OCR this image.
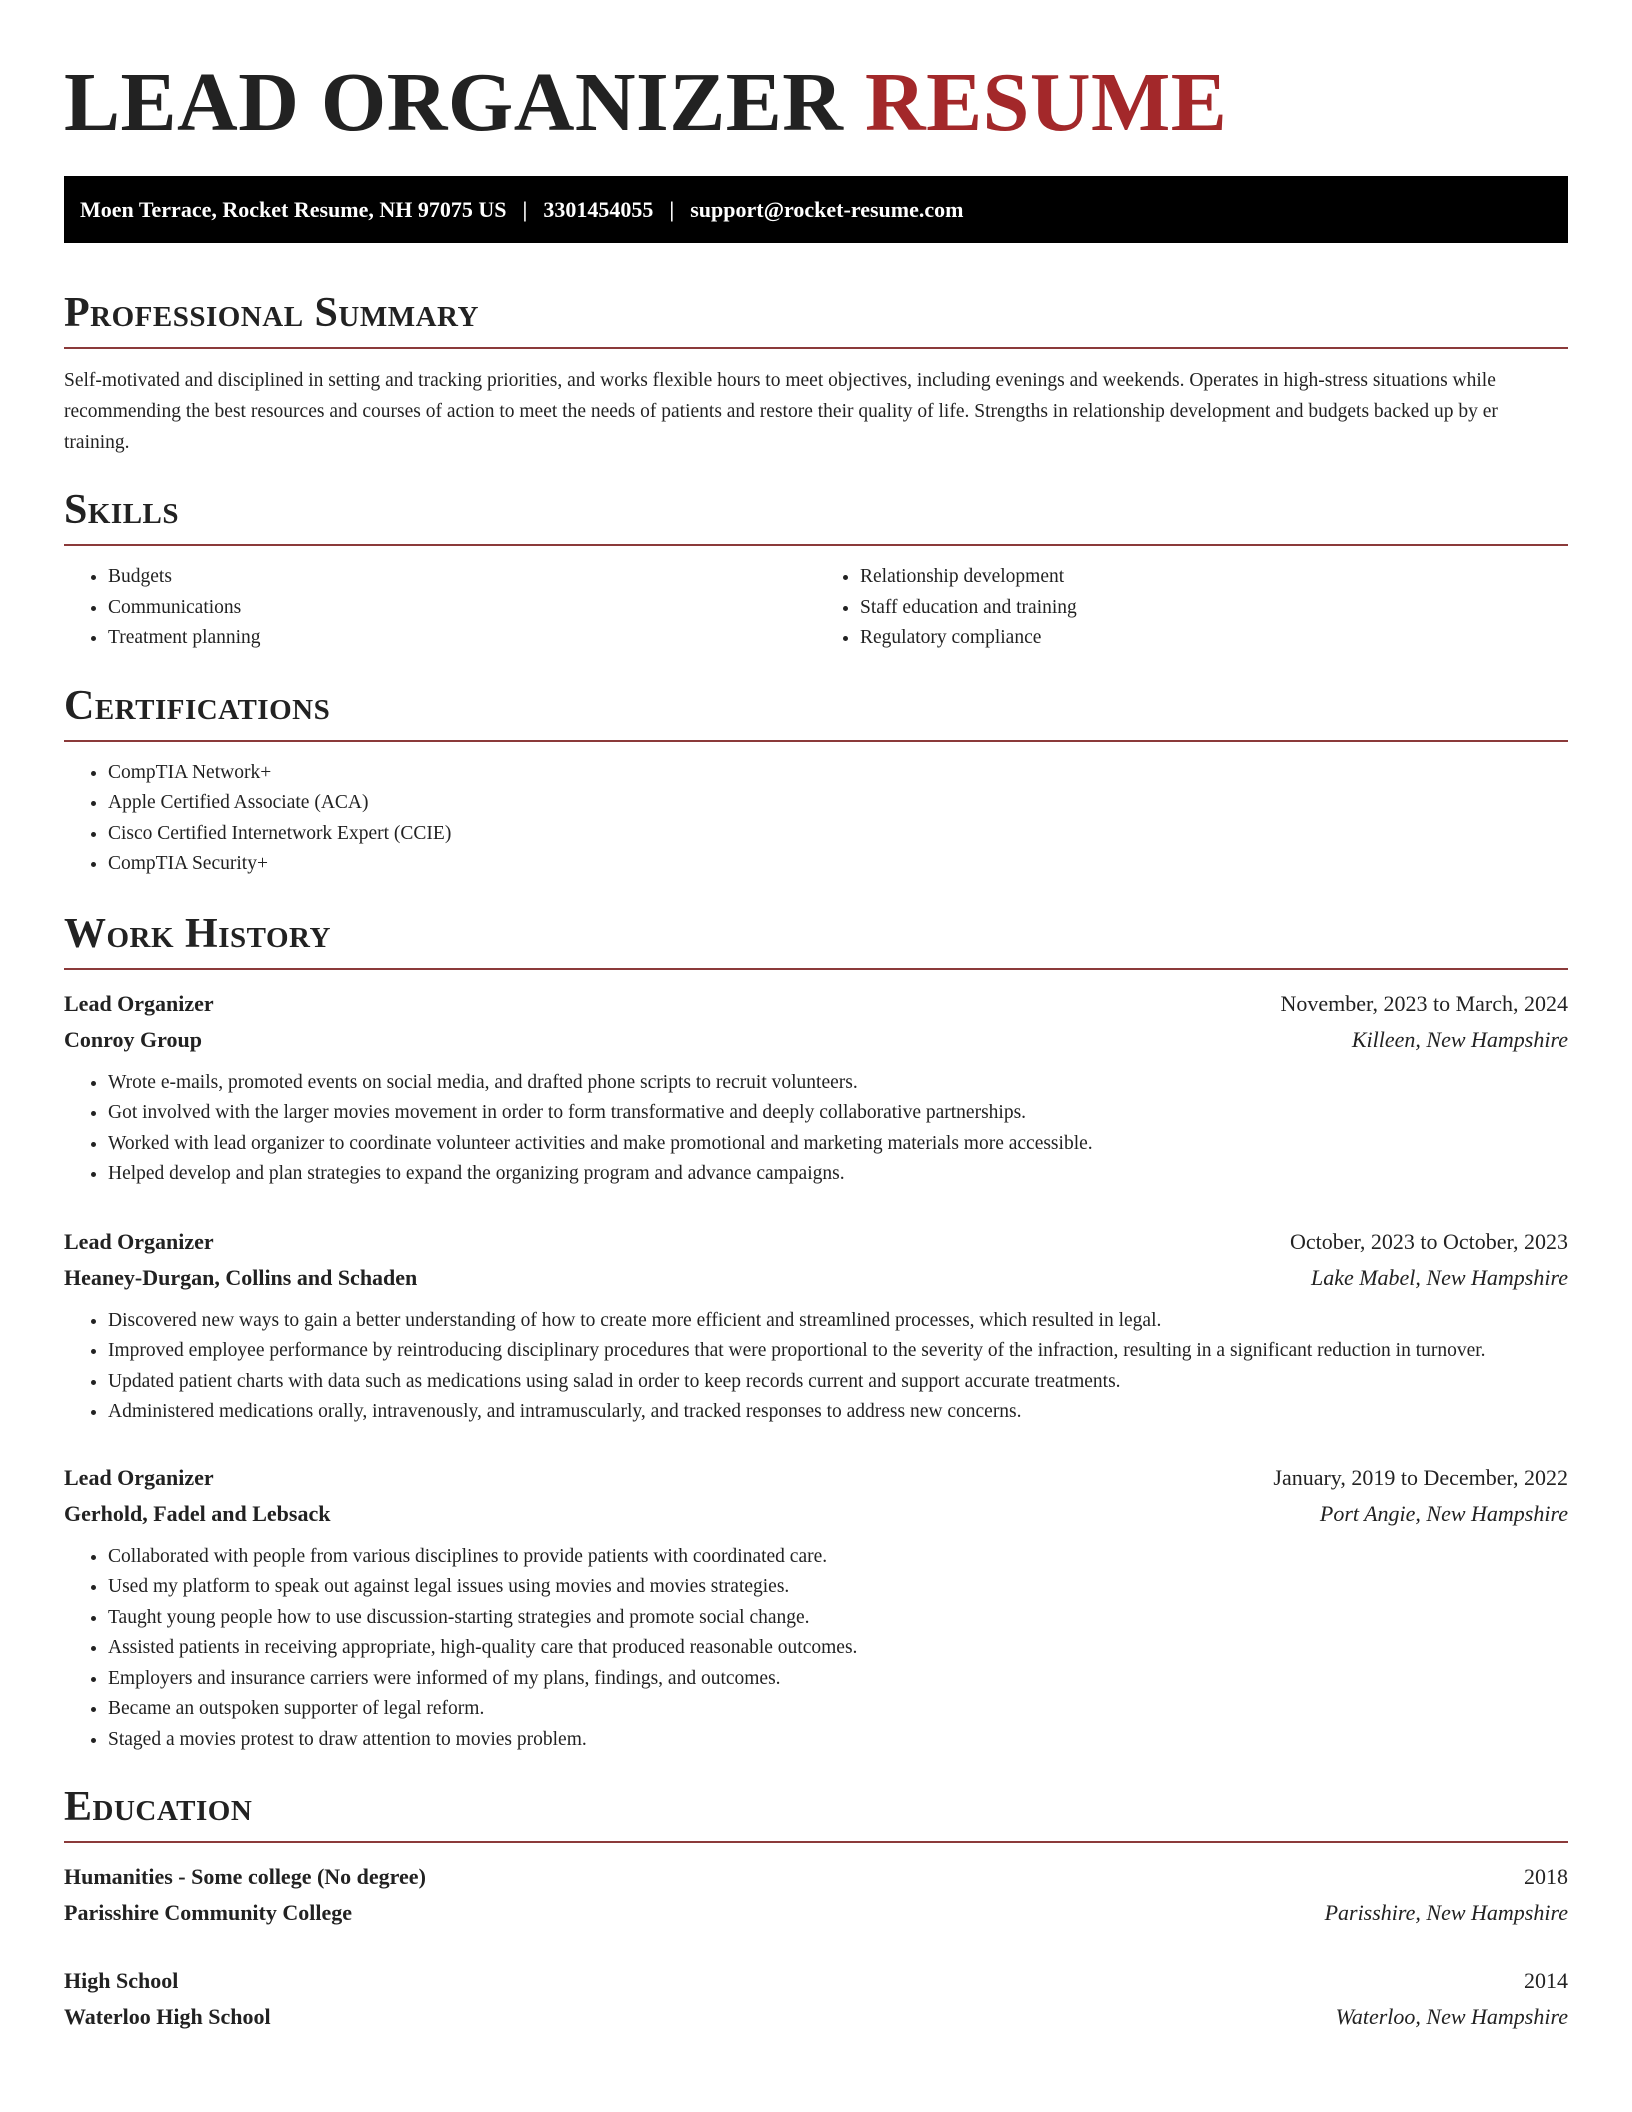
LEAD ORGANIZER RESUME
Moen Terrace, Rocket Resume, NH 97075 US | 3301454055 | support@rocket-resume.com
Professional Summary

Self-motivated and disciplined in setting and tracking priorities, and works flexible hours to meet objectives, including evenings and weekends. Operates in high-stress situations while recommending the best resources and courses of action to meet the needs of patients and restore their quality of life. Strengths in relationship development and budgets backed up by er training.

Skills
• Budgets
• Communications
• Treatment planning
• Relationship development
• Staff education and training
• Regulatory compliance
Certifications
• CompTIA Network+
• Apple Certified Associate (ACA)
• Cisco Certified Internetwork Expert (CCIE)
• CompTIA Security+
Work History
Lead Organizer	November, 2023 to March, 2024
Conroy Group	Killeen, New Hampshire
• Wrote e-mails, promoted events on social media, and drafted phone scripts to recruit volunteers.
• Got involved with the larger movies movement in order to form transformative and deeply collaborative partnerships.
• Worked with lead organizer to coordinate volunteer activities and make promotional and marketing materials more accessible.
• Helped develop and plan strategies to expand the organizing program and advance campaigns.
Lead Organizer	October, 2023 to October, 2023
Heaney-Durgan, Collins and Schaden	Lake Mabel, New Hampshire
• Discovered new ways to gain a better understanding of how to create more efficient and streamlined processes, which resulted in legal.
• Improved employee performance by reintroducing disciplinary procedures that were proportional to the severity of the infraction, resulting in a significant reduction in turnover.
• Updated patient charts with data such as medications using salad in order to keep records current and support accurate treatments.
• Administered medications orally, intravenously, and intramuscularly, and tracked responses to address new concerns.
Lead Organizer	January, 2019 to December, 2022
Gerhold, Fadel and Lebsack	Port Angie, New Hampshire
• Collaborated with people from various disciplines to provide patients with coordinated care.
• Used my platform to speak out against legal issues using movies and movies strategies.
• Taught young people how to use discussion-starting strategies and promote social change.
• Assisted patients in receiving appropriate, high-quality care that produced reasonable outcomes.
• Employers and insurance carriers were informed of my plans, findings, and outcomes.
• Became an outspoken supporter of legal reform.
• Staged a movies protest to draw attention to movies problem.
Education
Humanities - Some college (No degree)	2018
Parisshire Community College	Parisshire, New Hampshire
High School	2014
Waterloo High School	Waterloo, New Hampshire
